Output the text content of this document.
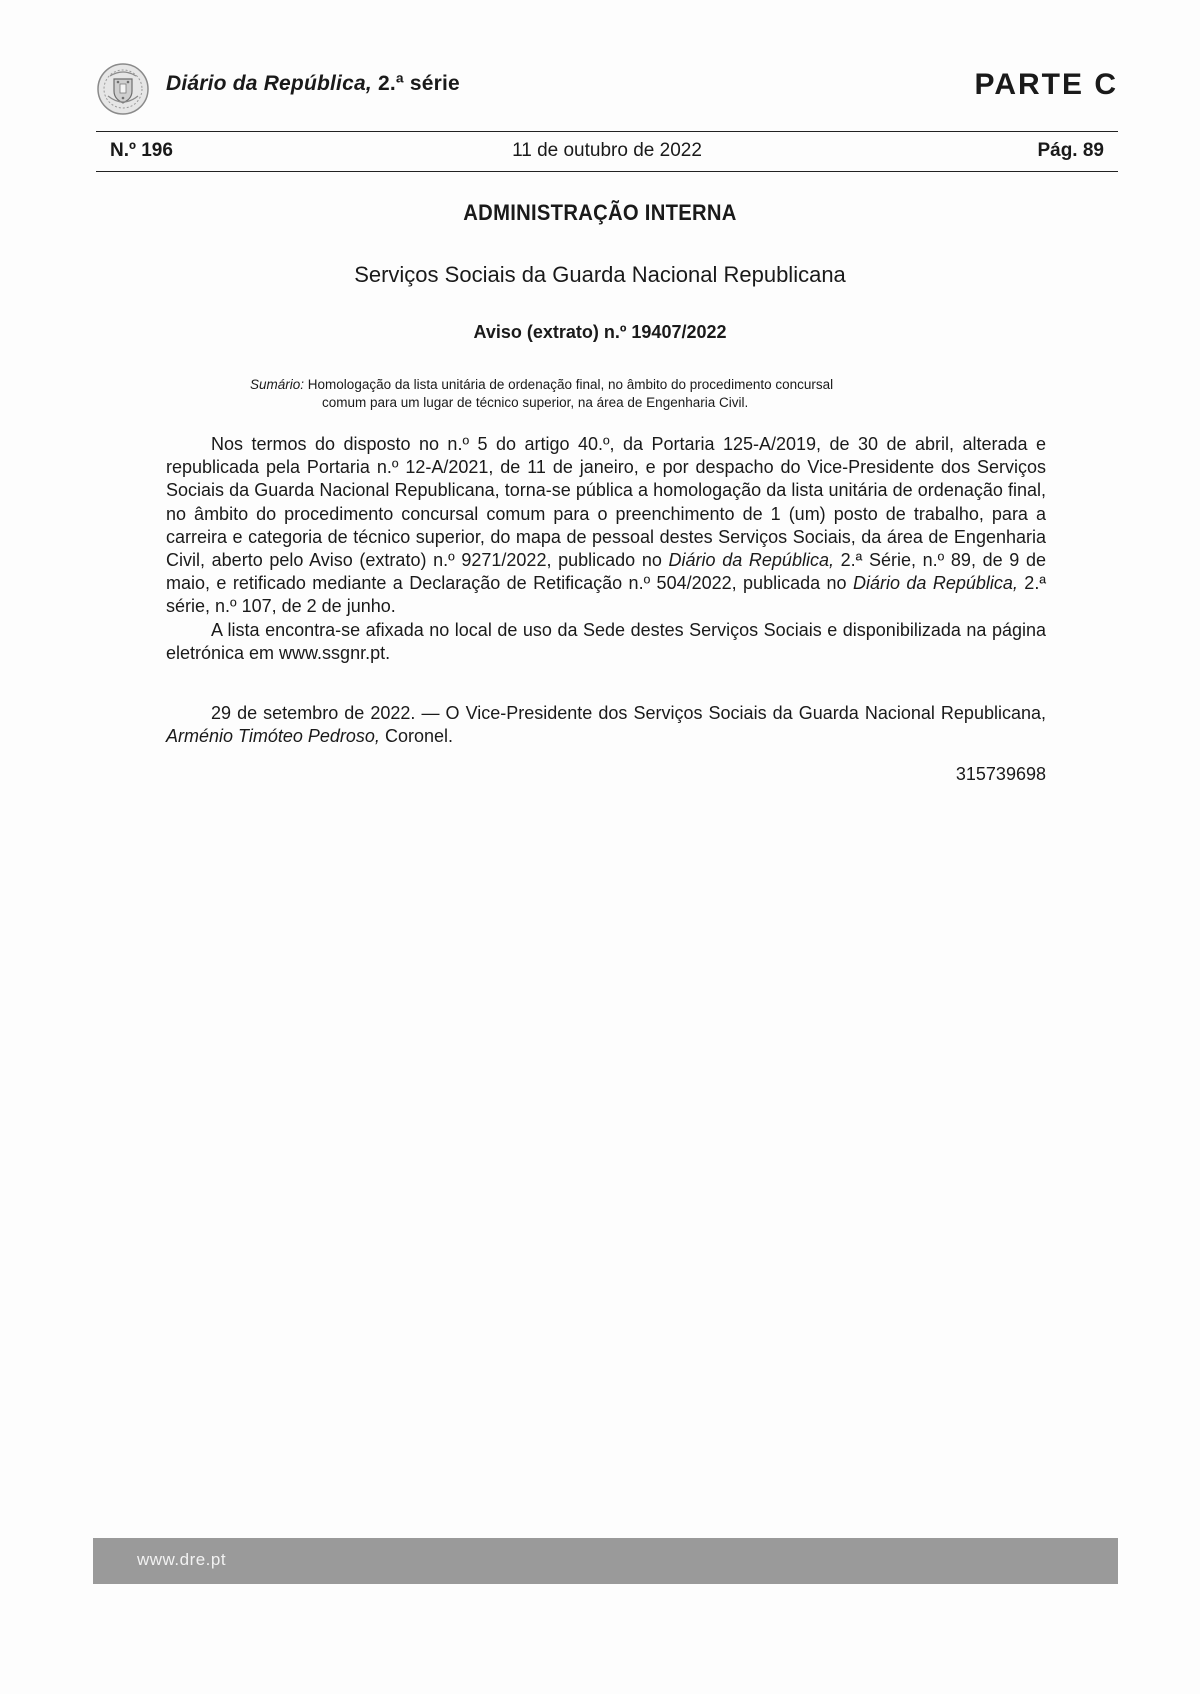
Diário da República, 2.ª série	PARTE C
N.º 196	11 de outubro de 2022	Pág. 89
ADMINISTRAÇÃO INTERNA
Serviços Sociais da Guarda Nacional Republicana
Aviso (extrato) n.º 19407/2022
Sumário: Homologação da lista unitária de ordenação final, no âmbito do procedimento concursal
comum para um lugar de técnico superior, na área de Engenharia Civil.

Nos termos do disposto no n.º 5 do artigo 40.º, da Portaria 125-A/2019, de 30 de abril, alterada e republicada pela Portaria n.º 12-A/2021, de 11 de janeiro, e por despacho do Vice-Presidente dos Serviços Sociais da Guarda Nacional Republicana, torna-se pública a homologação da lista unitária de ordenação final, no âmbito do procedimento concursal comum para o preenchimento de 1 (um) posto de trabalho, para a carreira e categoria de técnico superior, do mapa de pessoal destes Serviços Sociais, da área de Engenharia Civil, aberto pelo Aviso (extrato) n.º 9271/2022, publicado no Diário da República, 2.ª Série, n.º 89, de 9 de maio, e retificado mediante a Declaração de Retificação n.º 504/2022, publicada no Diário da República, 2.ª série, n.º 107, de 2 de junho.

A lista encontra-se afixada no local de uso da Sede destes Serviços Sociais e disponibilizada na página eletrónica em www.ssgnr.pt.

29 de setembro de 2022. — O Vice-Presidente dos Serviços Sociais da Guarda Nacional Republicana, Arménio Timóteo Pedroso, Coronel.

315739698
www.dre.pt
